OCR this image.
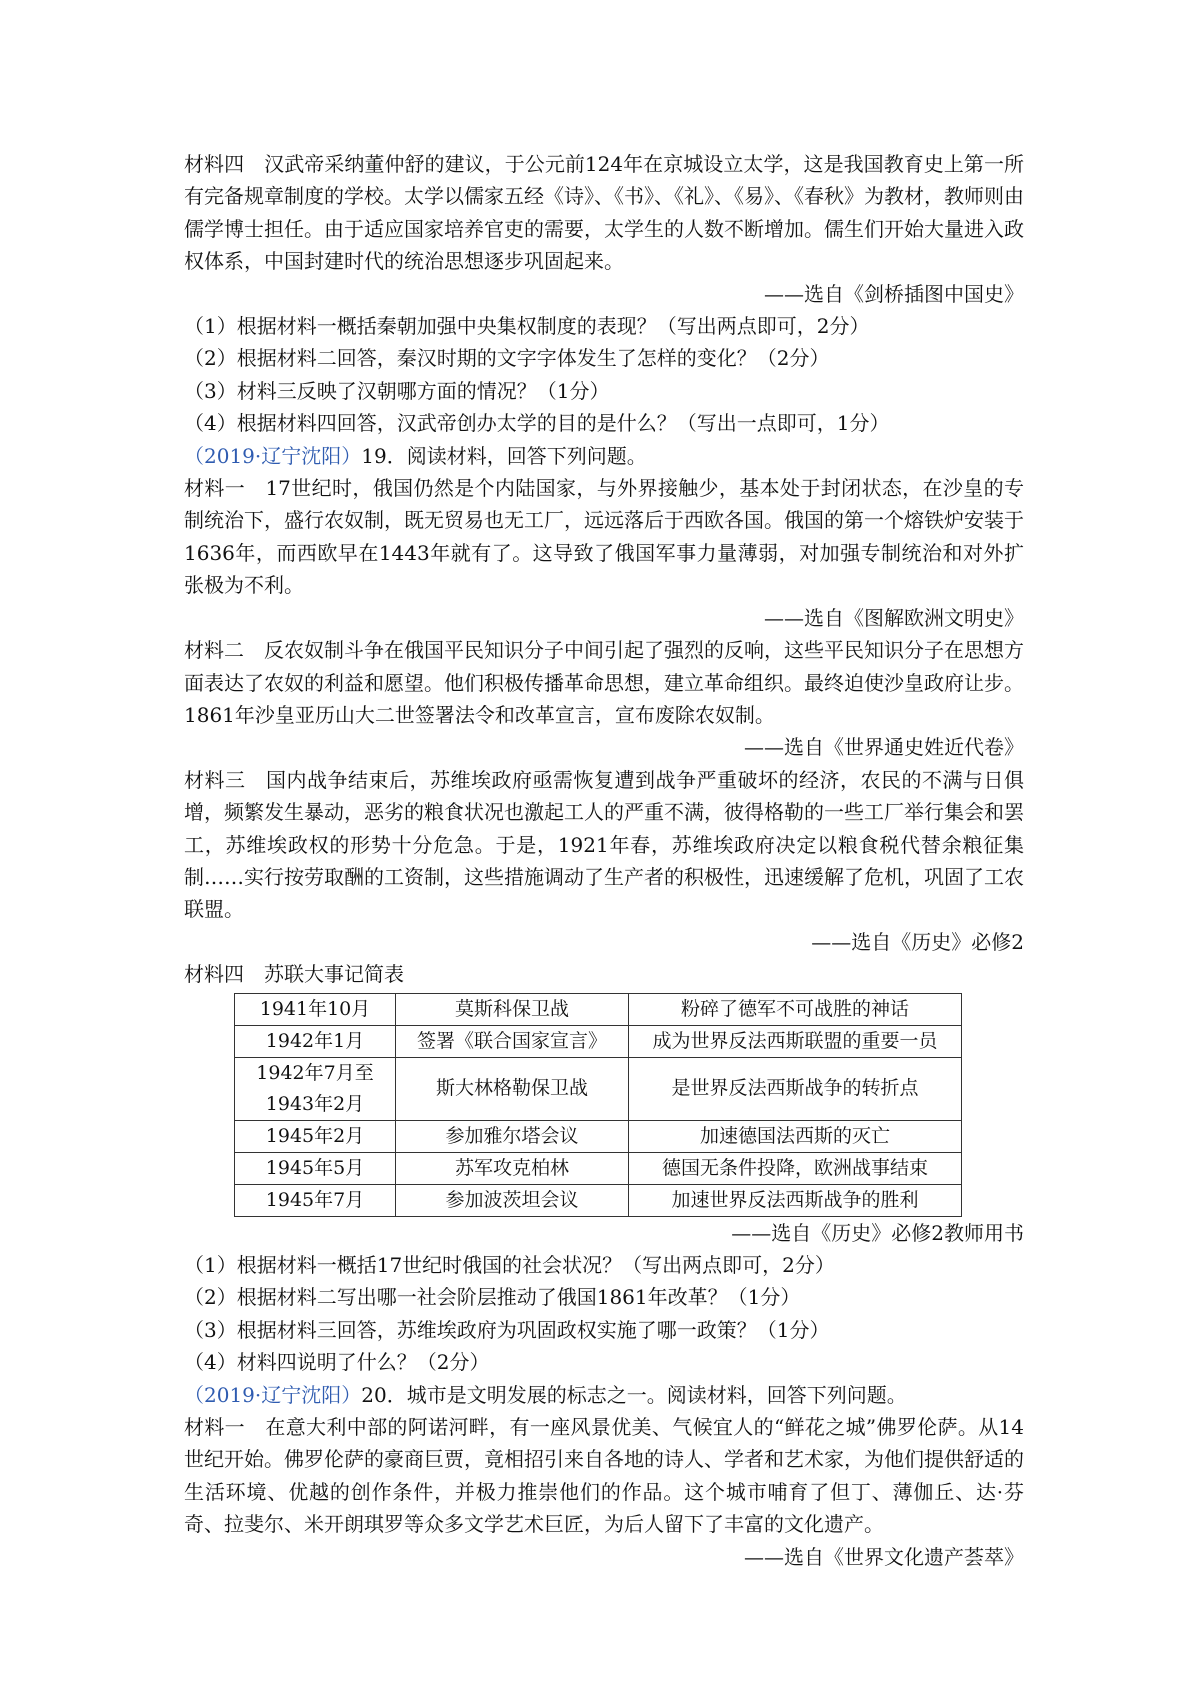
材料四　汉武帝采纳董仲舒的建议，于公元前124年在京城设立太学，这是我国教育史上第一所有完备规章制度的学校。太学以儒家五经《诗》、《书》、《礼》、《易》、《春秋》为教材，教师则由儒学博士担任。由于适应国家培养官吏的需要，太学生的人数不断增加。儒生们开始大量进入政权体系，中国封建时代的统治思想逐步巩固起来。

——选自《剑桥插图中国史》

（1）根据材料一概括秦朝加强中央集权制度的表现？（写出两点即可，2分）

（2）根据材料二回答，秦汉时期的文字字体发生了怎样的变化？（2分）

（3）材料三反映了汉朝哪方面的情况？（1分）

（4）根据材料四回答，汉武帝创办太学的目的是什么？（写出一点即可，1分）

（2019·辽宁沈阳）19．阅读材料，回答下列问题。

材料一　17世纪时，俄国仍然是个内陆国家，与外界接触少，基本处于封闭状态，在沙皇的专制统治下，盛行农奴制，既无贸易也无工厂，远远落后于西欧各国。俄国的第一个熔铁炉安装于1636年，而西欧早在1443年就有了。这导致了俄国军事力量薄弱，对加强专制统治和对外扩张极为不利。

——选自《图解欧洲文明史》

材料二　反农奴制斗争在俄国平民知识分子中间引起了强烈的反响，这些平民知识分子在思想方面表达了农奴的利益和愿望。他们积极传播革命思想，建立革命组织。最终迫使沙皇政府让步。1861年沙皇亚历山大二世签署法令和改革宣言，宣布废除农奴制。

——选自《世界通史姓近代卷》

材料三　国内战争结束后，苏维埃政府亟需恢复遭到战争严重破坏的经济，农民的不满与日俱增，频繁发生暴动，恶劣的粮食状况也激起工人的严重不满，彼得格勒的一些工厂举行集会和罢工，苏维埃政权的形势十分危急。于是，1921年春，苏维埃政府决定以粮食税代替余粮征集制……实行按劳取酬的工资制，这些措施调动了生产者的积极性，迅速缓解了危机，巩固了工农联盟。

——选自《历史》必修2

材料四　苏联大事记简表

1941年10月	莫斯科保卫战	粉碎了德军不可战胜的神话
1942年1月	签署《联合国家宣言》	成为世界反法西斯联盟的重要一员

1942年7月至
1943年2月	斯大林格勒保卫战	是世界反法西斯战争的转折点
1945年2月	参加雅尔塔会议	加速德国法西斯的灭亡
1945年5月	苏军攻克柏林	德国无条件投降，欧洲战事结束
1945年7月	参加波茨坦会议	加速世界反法西斯战争的胜利

——选自《历史》必修2教师用书

（1）根据材料一概括17世纪时俄国的社会状况？（写出两点即可，2分）

（2）根据材料二写出哪一社会阶层推动了俄国1861年改革？（1分）

（3）根据材料三回答，苏维埃政府为巩固政权实施了哪一政策？（1分）

（4）材料四说明了什么？（2分）

（2019·辽宁沈阳）20．城市是文明发展的标志之一。阅读材料，回答下列问题。

材料一　在意大利中部的阿诺河畔，有一座风景优美、气候宜人的“鲜花之城”佛罗伦萨。从14世纪开始。佛罗伦萨的豪商巨贾，竟相招引来自各地的诗人、学者和艺术家，为他们提供舒适的生活环境、优越的创作条件，并极力推崇他们的作品。这个城市哺育了但丁、薄伽丘、达·芬奇、拉斐尔、米开朗琪罗等众多文学艺术巨匠，为后人留下了丰富的文化遗产。

——选自《世界文化遗产荟萃》
